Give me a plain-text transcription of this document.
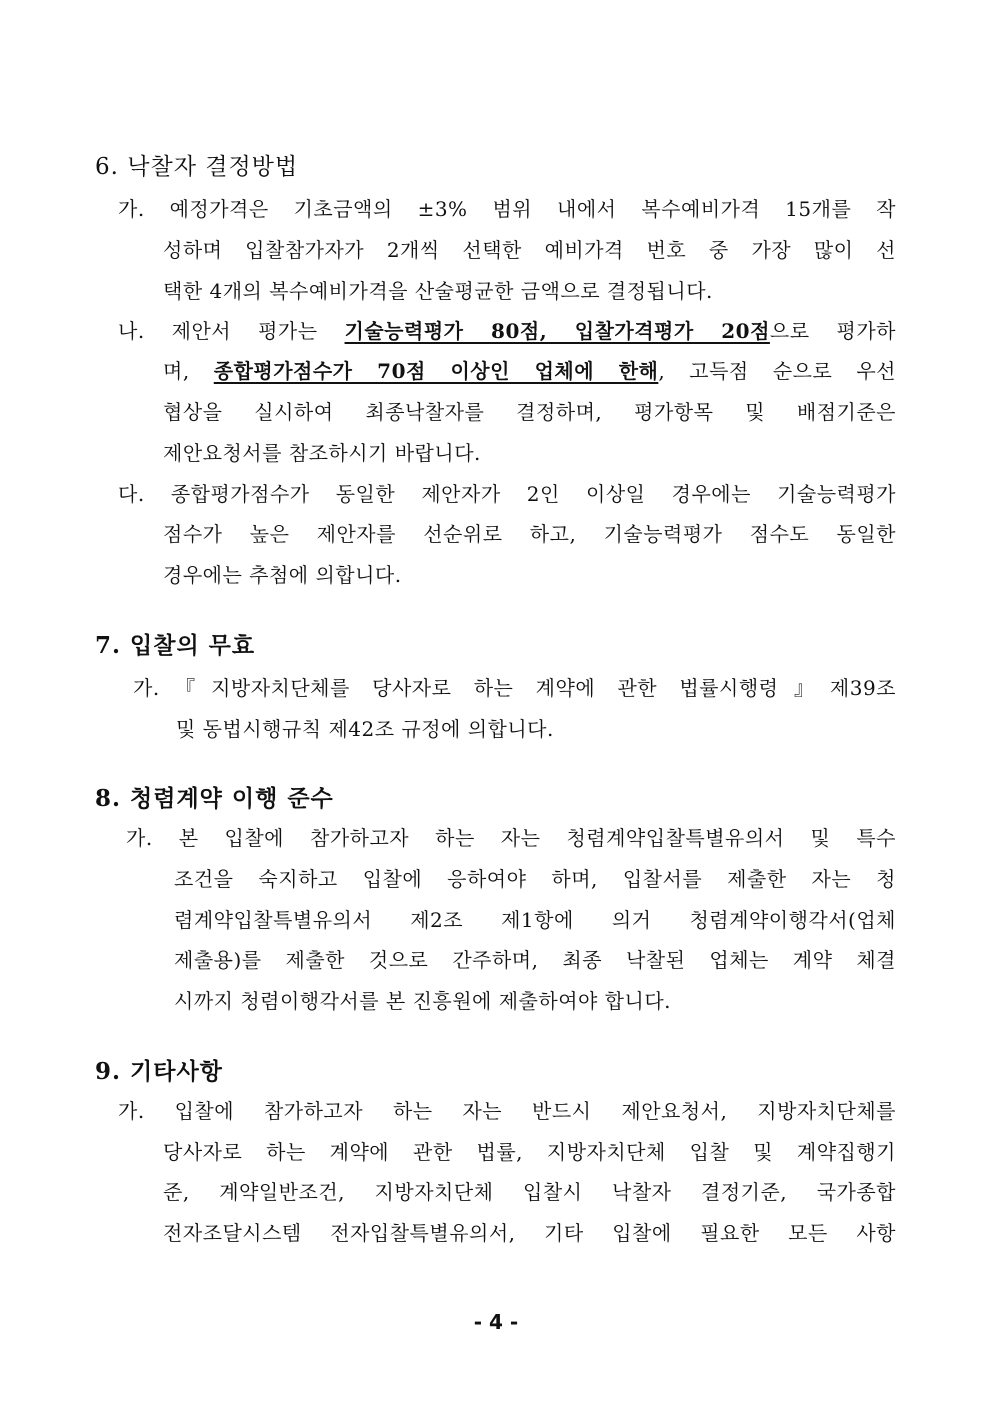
6. 낙찰자 결정방법
가. 예정가격은 기초금액의 ±3% 범위 내에서 복수예비가격 15개를 작
성하며 입찰참가자가 2개씩 선택한 예비가격 번호 중 가장 많이 선
택한 4개의 복수예비가격을 산술평균한 금액으로 결정됩니다.
나. 제안서 평가는 기술능력평가 80점, 입찰가격평가 20점으로 평가하
며, 종합평가점수가 70점 이상인 업체에 한해, 고득점 순으로 우선
협상을 실시하여 최종낙찰자를 결정하며, 평가항목 및 배점기준은
제안요청서를 참조하시기 바랍니다.
다. 종합평가점수가 동일한 제안자가 2인 이상일 경우에는 기술능력평가
점수가 높은 제안자를 선순위로 하고, 기술능력평가 점수도 동일한
경우에는 추첨에 의합니다.
7. 입찰의 무효
가.『지방자치단체를 당사자로 하는 계약에 관한 법률시행령』제39조
및 동법시행규칙 제42조 규정에 의합니다.
8. 청렴계약 이행 준수
가. 본 입찰에 참가하고자 하는 자는 청렴계약입찰특별유의서 및 특수
조건을 숙지하고 입찰에 응하여야 하며, 입찰서를 제출한 자는 청
렴계약입찰특별유의서 제2조 제1항에 의거 청렴계약이행각서(업체
제출용)를 제출한 것으로 간주하며, 최종 낙찰된 업체는 계약 체결
시까지 청렴이행각서를 본 진흥원에 제출하여야 합니다.
9. 기타사항
가. 입찰에 참가하고자 하는 자는 반드시 제안요청서, 지방자치단체를
당사자로 하는 계약에 관한 법률, 지방자치단체 입찰 및 계약집행기
준, 계약일반조건, 지방자치단체 입찰시 낙찰자 결정기준, 국가종합
전자조달시스템 전자입찰특별유의서, 기타 입찰에 필요한 모든 사항
- 4 -
